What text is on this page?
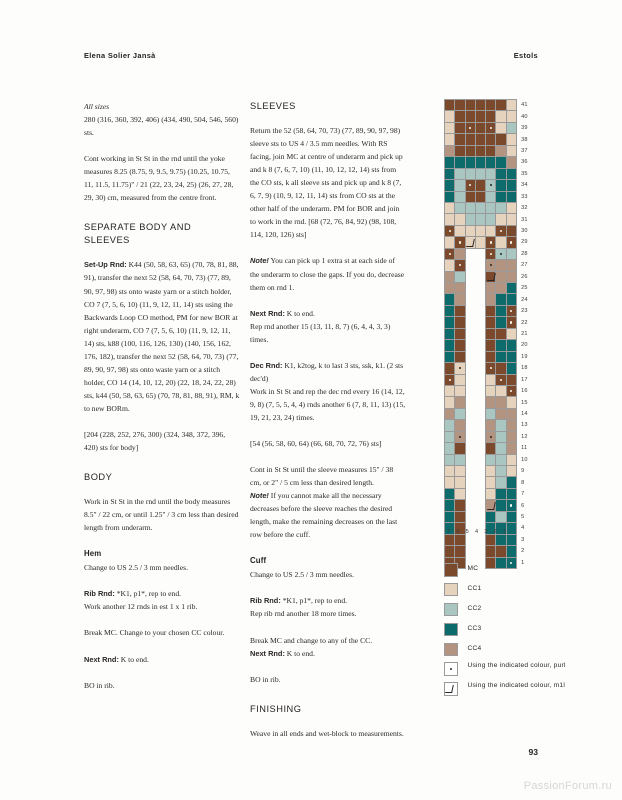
Elena Solier Jansà	Estols

All sizes

280 (316, 360, 392, 406) (434, 490, 504, 546, 560) sts.

Cont working in St St in the rnd until the yoke measures 8.25 (8.75, 9, 9.5, 9.75) (10.25, 10.75, 11, 11.5, 11.75)" / 21 (22, 23, 24, 25) (26, 27, 28, 29, 30) cm, measured from the centre front.

SEPARATE BODY AND SLEEVES

Set-Up Rnd: K44 (50, 58, 63, 65) (70, 78, 81, 88, 91), transfer the next 52 (58, 64, 70, 73) (77, 89, 90, 97, 98) sts onto waste yarn or a stitch holder, CO 7 (7, 5, 6, 10) (11, 9, 12, 11, 14) sts using the Backwards Loop CO method, PM for new BOR at right underarm, CO 7 (7, 5, 6, 10) (11, 9, 12, 11, 14) sts, k88 (100, 116, 126, 130) (140, 156, 162, 176, 182), transfer the next 52 (58, 64, 70, 73) (77, 89, 90, 97, 98) sts onto waste yarn or a stitch holder, CO 14 (14, 10, 12, 20) (22, 18, 24, 22, 28) sts, k44 (50, 58, 63, 65) (70, 78, 81, 88, 91), RM, k to new BORm.

[204 (228, 252, 276, 300) (324, 348, 372, 396, 420) sts for body]

BODY

Work in St St in the rnd until the body measures 8.5" / 22 cm, or until 1.25" / 3 cm less than desired length from underarm.

Hem

Change to US 2.5 / 3 mm needles.

Rib Rnd: *K1, p1*, rep to end.

Work another 12 rnds in est 1 x 1 rib.

Break MC. Change to your chosen CC colour.

Next Rnd: K to end.

BO in rib.

SLEEVES

Return the 52 (58, 64, 70, 73) (77, 89, 90, 97, 98) sleeve sts to US 4 / 3.5 mm needles. With RS facing, join MC at centre of underarm and pick up and k 8 (7, 6, 7, 10) (11, 10, 12, 12, 14) sts from the CO sts, k all sleeve sts and pick up and k 8 (7, 6, 7, 9) (10, 9, 12, 11, 14) sts from CO sts at the other half of the underarm. PM for BOR and join to work in the rnd. [68 (72, 76, 84, 92) (98, 108, 114, 120, 126) sts]

Note! You can pick up 1 extra st at each side of the underarm to close the gaps. If you do, decrease them on rnd 1.

Next Rnd: K to end.

Rep rnd another 15 (13, 11, 8, 7) (6, 4, 4, 3, 3) times.

Dec Rnd: K1, k2tog, k to last 3 sts, ssk, k1. (2 sts dec'd)

Work in St St and rep the dec rnd every 16 (14, 12, 9, 8) (7, 5, 5, 4, 4) rnds another 6 (7, 8, 11, 13) (15, 19, 21, 23, 24) times.

[54 (56, 58, 60, 64) (66, 68, 70, 72, 76) sts]

Cont in St St until the sleeve measures 15" / 38 cm, or 2" / 5 cm less than desired length.

Note! If you cannot make all the necessary decreases before the sleeve reaches the desired length, make the remaining decreases on the last row before the cuff.

Cuff

Change to US 2.5 / 3 mm needles.

Rib Rnd: *K1, p1*, rep to end.

Rep rib rnd another 18 more times.

Break MC and change to any of the CC.

Next Rnd: K to end.

BO in rib.

FINISHING

Weave in all ends and wet-block to measurements.

							41
							40
							39
							38
							37
							36
							35
							34
							33
							32
							31
							30
							29
							28
							27
							26
							25
							24
							23
							22
							21
							20
							19
							18
							17
							16
							15
							14
							13
							12
							11
							10
							9
							8
							7
							6
							5
							4
							3
							2
							1
7	6	5	4	3	2	1
MC
CC1
CC2
CC3
CC4
Using the indicated colour, purl
Using the indicated colour, m1l
93
PassionForum.ru
